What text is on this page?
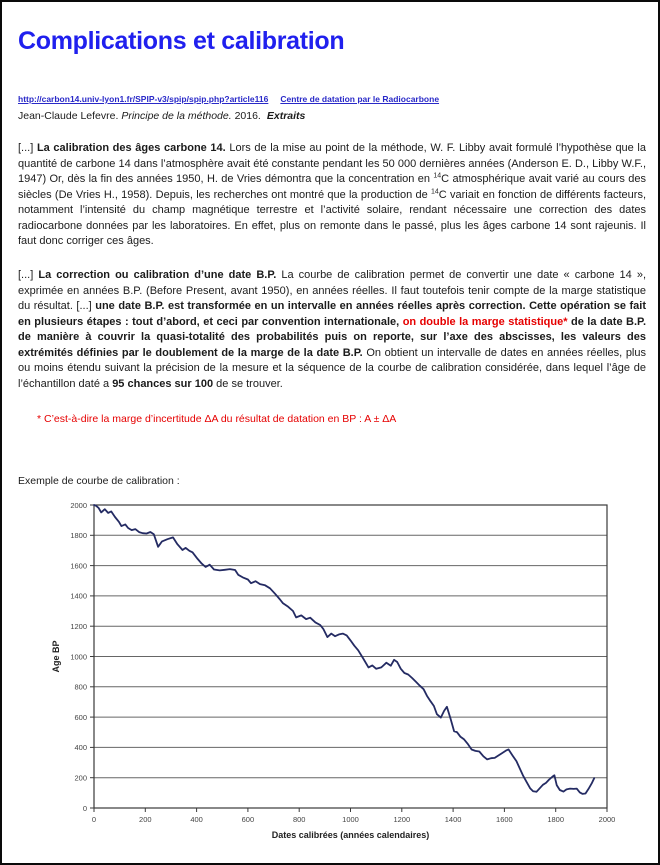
Complications et calibration
http://carbon14.univ-lyon1.fr/SPIP-v3/spip/spip.php?article116 Centre de datation par le Radiocarbone
Jean-Claude Lefevre. Principe de la méthode. 2016. Extraits

[...] La calibration des âges carbone 14. Lors de la mise au point de la méthode, W. F. Libby avait formulé l’hypothèse que la quantité de carbone 14 dans l’atmosphère avait été constante pendant les 50 000 dernières années (Anderson E. D., Libby W.F., 1947) Or, dès la fin des années 1950, H. de Vries démontra que la concentration en $^{14}$C atmosphérique avait varié au cours des siècles (De Vries H., 1958). Depuis, les recherches ont montré que la production de $^{14}$C variait en fonction de différents facteurs, notamment l’intensité du champ magnétique terrestre et l’activité solaire, rendant nécessaire une correction des dates radiocarbone données par les laboratoires. En effet, plus on remonte dans le passé, plus les âges carbone 14 sont rajeunis. Il faut donc corriger ces âges.

[...] La correction ou calibration d’une date B.P. La courbe de calibration permet de convertir une date « carbone 14 », exprimée en années B.P. (Before Present, avant 1950), en années réelles. Il faut toutefois tenir compte de la marge statistique du résultat. [...] une date B.P. est transformée en un intervalle en années réelles après correction. Cette opération se fait en plusieurs étapes : tout d’abord, et ceci par convention internationale, on double la marge statistique* de la date B.P. de manière à couvrir la quasi-totalité des probabilités puis on reporte, sur l’axe des abscisses, les valeurs des extrémités définies par le doublement de la marge de la date B.P. On obtient un intervalle de dates en années réelles, plus ou moins étendu suivant la précision de la mesure et la séquence de la courbe de calibration considérée, dans lequel l’âge de l’échantillon daté a 95 chances sur 100 de se trouver.

* C’est-à-dire la marge d’incertitude ΔA du résultat de datation en BP : A ± ΔA
Exemple de courbe de calibration :
0
200
400
600
800
1000
1200
1400
1600
1800
2000
0	200	400	600	800	1000	1200	1400	1600	1800	2000
Age BP
Dates calibrées (années calendaires)
